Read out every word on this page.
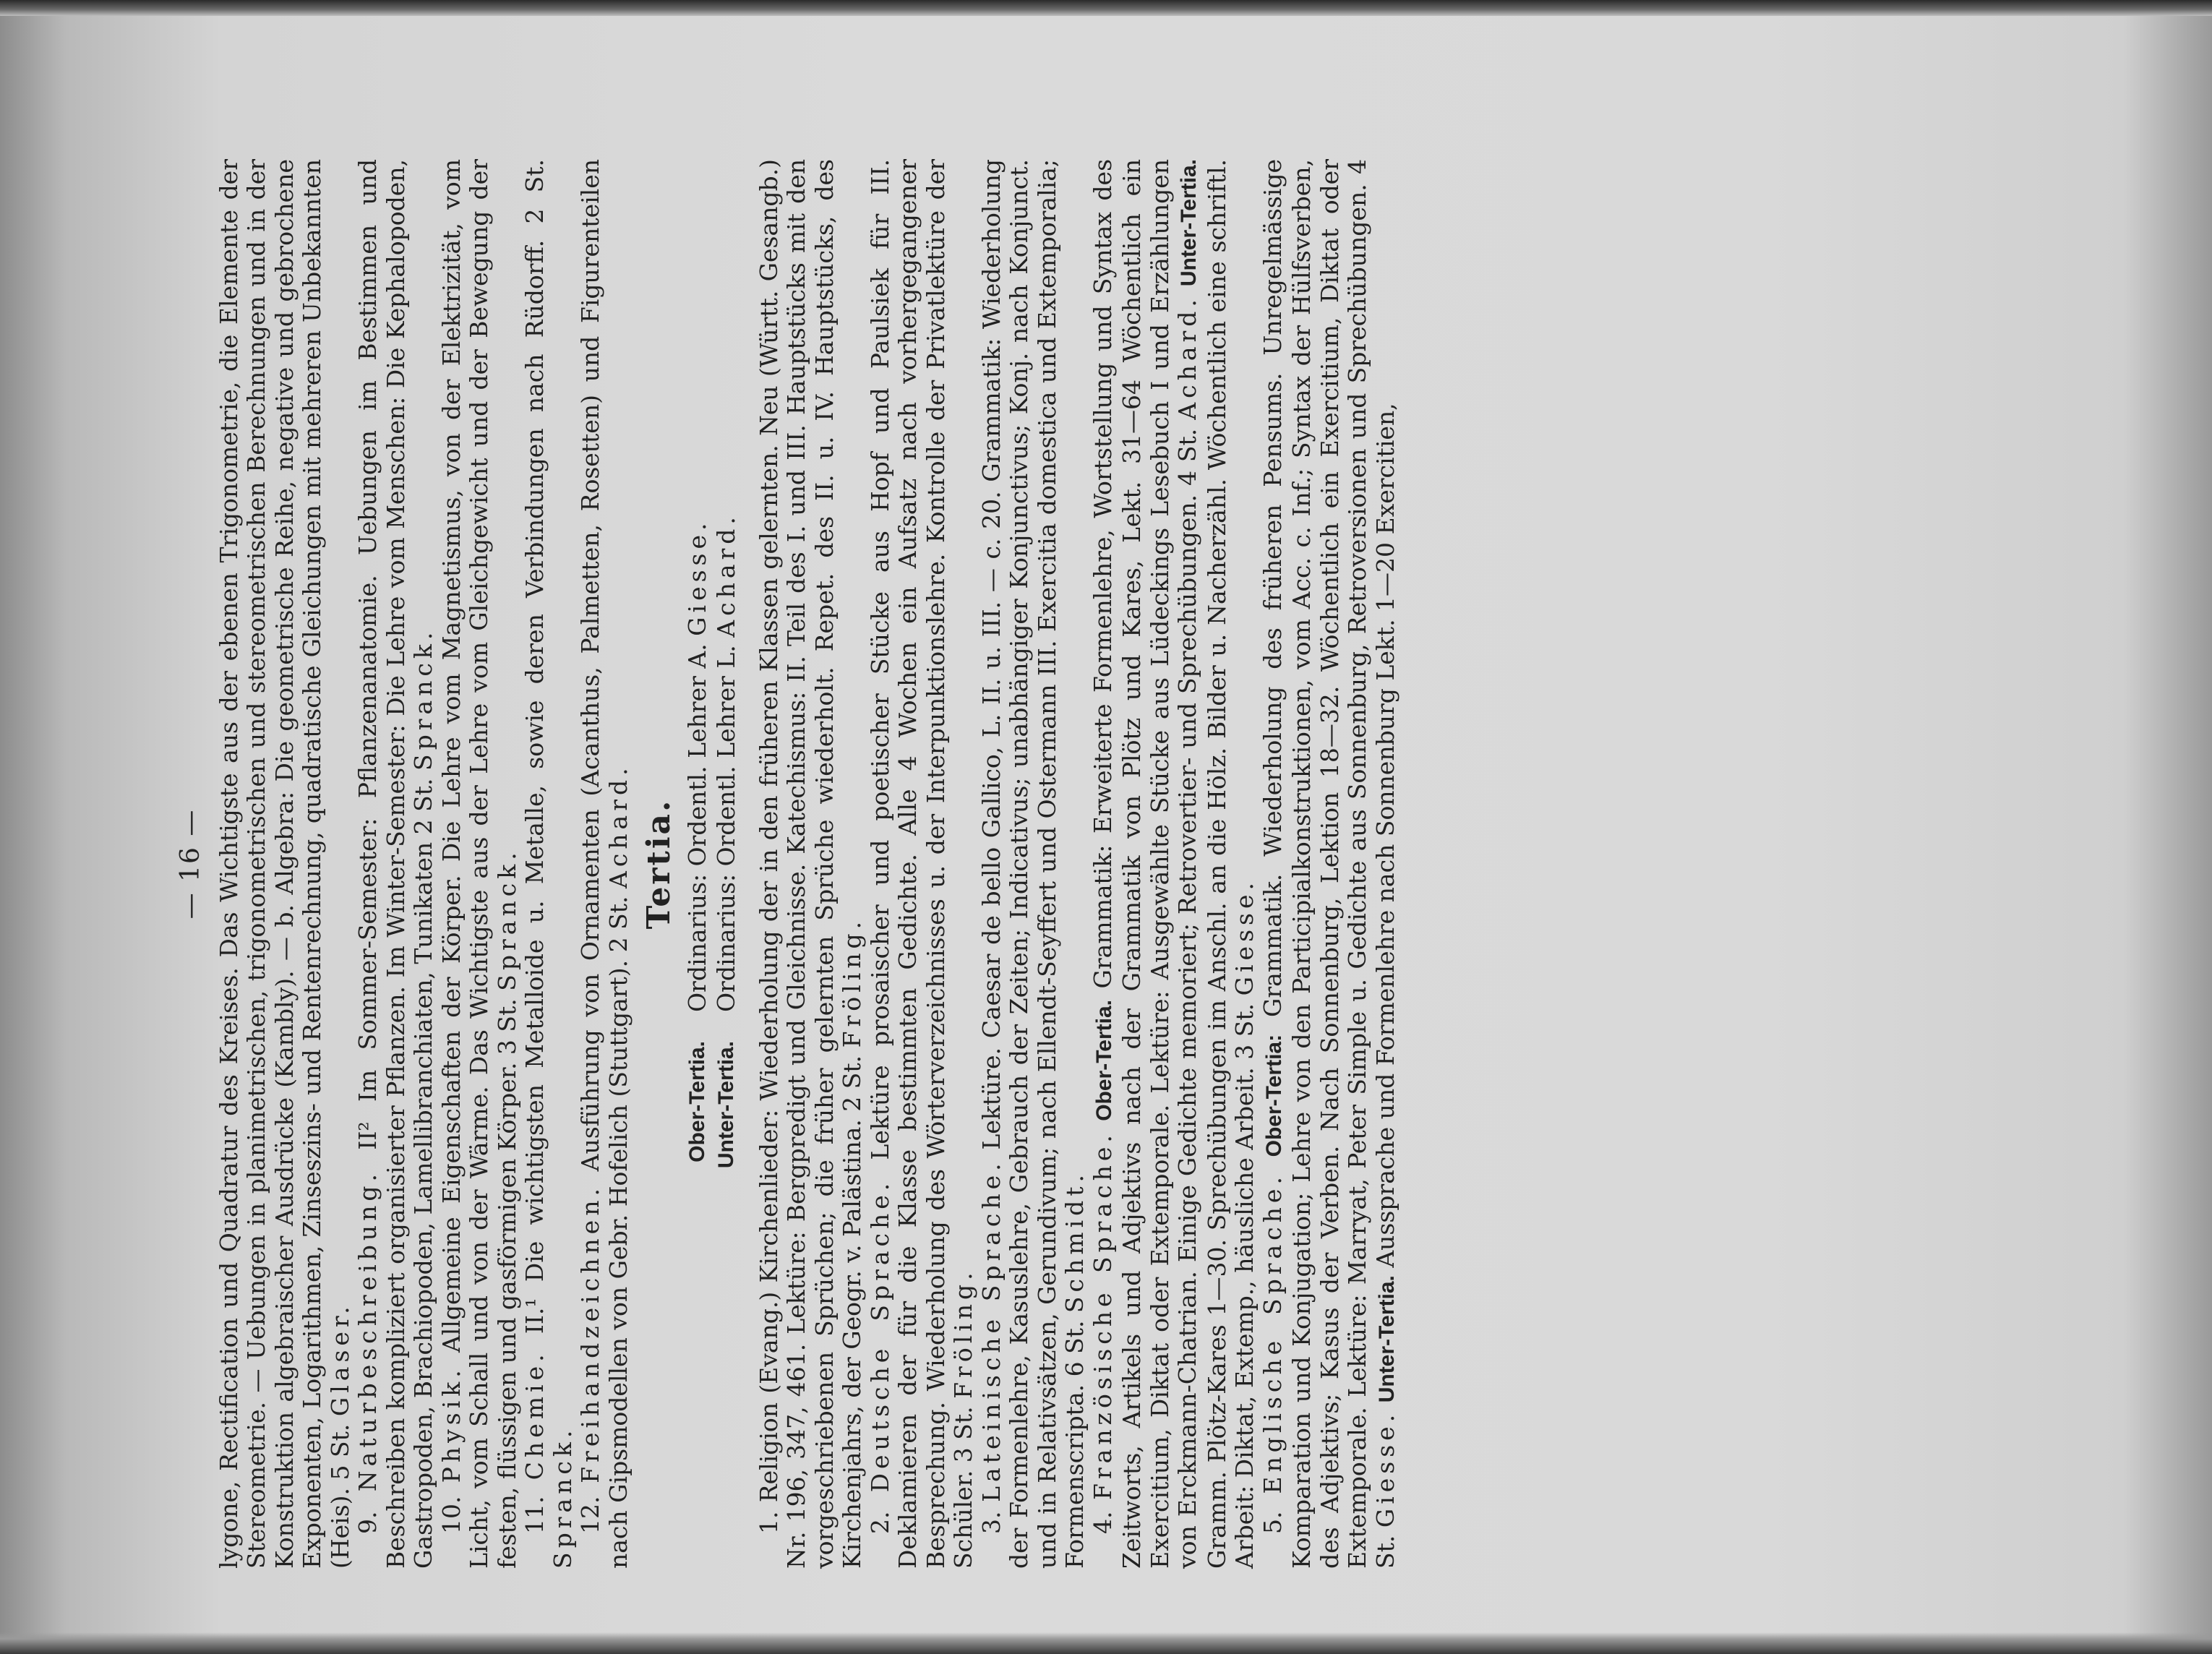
— 16 — lygone, Rectification und Quadratur des Kreises. Das Wichtigste aus der ebenen Trigonometrie, die Elemente der Stereometrie. — Uebungen in planimetrischen, trigonometrischen und stereometrischen Berechnungen und in der Konstruktion algebraischer Ausdrücke (Kambly). — b. Algebra: Die geometrische Reihe, negative und gebrochene Exponenten, Logarithmen, Zinseszins- und Rentenrechnung, quadratische Gleichungen mit mehreren Unbekannten (Heis). 5 St. Glaser.

9. Naturbeschreibung. II² Im Sommer-Semester: Pflanzenanatomie. Uebungen im Bestimmen und Beschreiben kompliziert organisierter Pflanzen. Im Winter-Semester: Die Lehre vom Menschen: Die Kephalopoden, Gastropoden, Brachiopoden, Lamellibranchiaten, Tunikaten 2 St. Spranck.

10. Physik. Allgemeine Eigenschaften der Körper. Die Lehre vom Magnetismus, von der Elektrizität, vom Licht, vom Schall und von der Wärme. Das Wichtigste aus der Lehre vom Gleichgewicht und der Bewegung der festen, flüssigen und gasförmigen Körper. 3 St. Spranck.

11. Chemie. II.¹ Die wichtigsten Metalloide u. Metalle, sowie deren Verbindungen nach Rüdorff. 2 St. Spranck. 12. Freihandzeichnen. Ausführung von Ornamenten (Acanthus, Palmetten, Rosetten) und Figurenteilen nach Gipsmodellen von Gebr. Hofelich (Stuttgart). 2 St. Achard. Tertia.
Ober-Tertia.
Ordinarius: Ordentl. Lehrer A. Giesse.
Unter-Tertia.
Ordinarius: Ordentl. Lehrer L. Achard.

1. Religion (Evang.) Kirchenlieder: Wiederholung der in den früheren Klassen gelernten. Neu (Württ. Gesangb.) Nr. 196, 347, 461. Lektüre: Bergpredigt und Gleichnisse. Katechismus: II. Teil des I. und III. Hauptstücks mit den vorgeschriebenen Sprüchen; die früher gelernten Sprüche wiederholt. Repet. des II. u. IV. Hauptstücks, des Kirchenjahrs, der Geogr. v. Palästina. 2 St. Fröling.

2. Deutsche Sprache. Lektüre prosaischer und poetischer Stücke aus Hopf und Paulsiek für III. Deklamieren der für die Klasse bestimmten Gedichte. Alle 4 Wochen ein Aufsatz nach vorhergegangener Besprechung. Wiederholung des Wörterverzeichnisses u. der Interpunktionslehre. Kontrolle der Privatlektüre der Schüler. 3 St. Fröling.

3. Lateinische Sprache. Lektüre. Caesar de bello Gallico, L. II. u. III. — c. 20. Grammatik: Wiederholung der Formenlehre, Kasuslehre, Gebrauch der Zeiten; Indicativus; unabhängiger Konjunctivus; Konj. nach Konjunct. und in Relativsätzen, Gerundivum; nach Ellendt-Seyffert und Ostermann III. Exercitia domestica und Extemporalia; Formenscripta. 6 St. Schmidt.

4. Französische Sprache. Ober-Tertia. Grammatik: Erweiterte Formenlehre, Wortstellung und Syntax des Zeitworts, Artikels und Adjektivs nach der Grammatik von Plötz und Kares, Lekt. 31—64 Wöchentlich ein Exercitium, Diktat oder Extemporale. Lektüre: Ausgewählte Stücke aus Lüdeckings Lesebuch I und Erzählungen von Erckmann-Chatrian. Einige Gedichte memoriert; Retrovertier- und Sprechübungen. 4 St. Achard. Unter-Tertia. Gramm. Plötz-Kares 1—30. Sprechübungen im Anschl. an die Hölz. Bilder u. Nacherzähl. Wöchentlich eine schriftl. Arbeit: Diktat, Extemp., häusliche Arbeit. 3 St. Giesse.

5. Englische Sprache. Ober-Tertia: Grammatik. Wiederholung des früheren Pensums. Unregelmässige Komparation und Konjugation; Lehre von den Participialkonstruktionen, vom Acc. c. Inf.; Syntax der Hülfsverben, des Adjektivs; Kasus der Verben. Nach Sonnenburg, Lektion 18—32. Wöchentlich ein Exercitium, Diktat oder Extemporale. Lektüre: Marryat, Peter Simple u. Gedichte aus Sonnenburg, Retroversionen und Sprechübungen. 4 St. Giesse. Unter-Tertia. Aussprache und Formenlehre nach Sonnenburg Lekt. 1—20 Exercitien,
